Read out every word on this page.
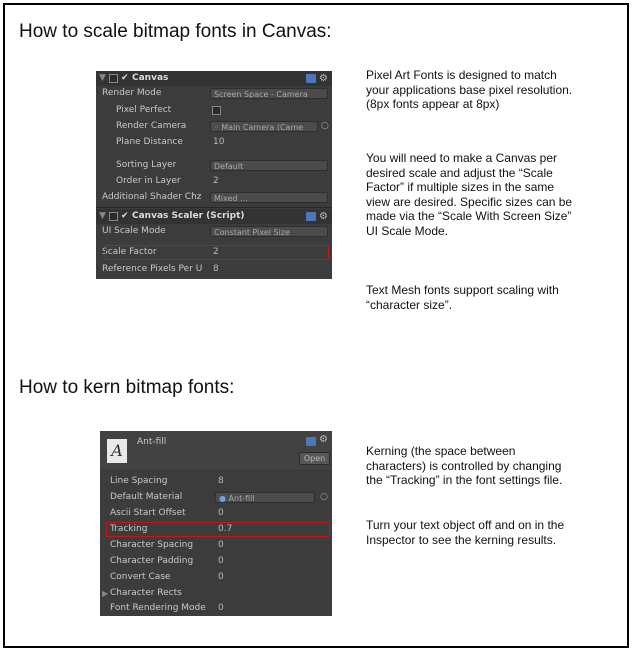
How to scale bitmap fonts in Canvas:
▼ ✔ Canvas	⚙
Render Mode	Screen Space - Camera
Pixel Perfect
Render Camera	◦ Main Camera (Came	○
Plane Distance	10
Sorting Layer	Default
Order in Layer	2
Additional Shader Chz	Mixed ...
▼ ✔ Canvas Scaler (Script)	⚙
UI Scale Mode	Constant Pixel Size
Scale Factor	2
Reference Pixels Per U	8

Pixel Art Fonts is designed to match your applications base pixel resolution. (8px fonts appear at 8px)

You will need to make a Canvas per desired scale and adjust the “Scale Factor” if multiple sizes in the same view are desired. Specific sizes can be made via the “Scale With Screen Size” UI Scale Mode.

Text Mesh fonts support scaling with “character size”.

How to kern bitmap fonts:
A	Ant-fill	⚙
Open
Line Spacing	8
Default Material	● Ant-fill	○
Ascii Start Offset	0
Tracking	0.7
Character Spacing	0
Character Padding	0
Convert Case	0
▶ Character Rects
Font Rendering Mode	0

Kerning (the space between characters) is controlled by changing the “Tracking” in the font settings file.

Turn your text object off and on in the Inspector to see the kerning results.
